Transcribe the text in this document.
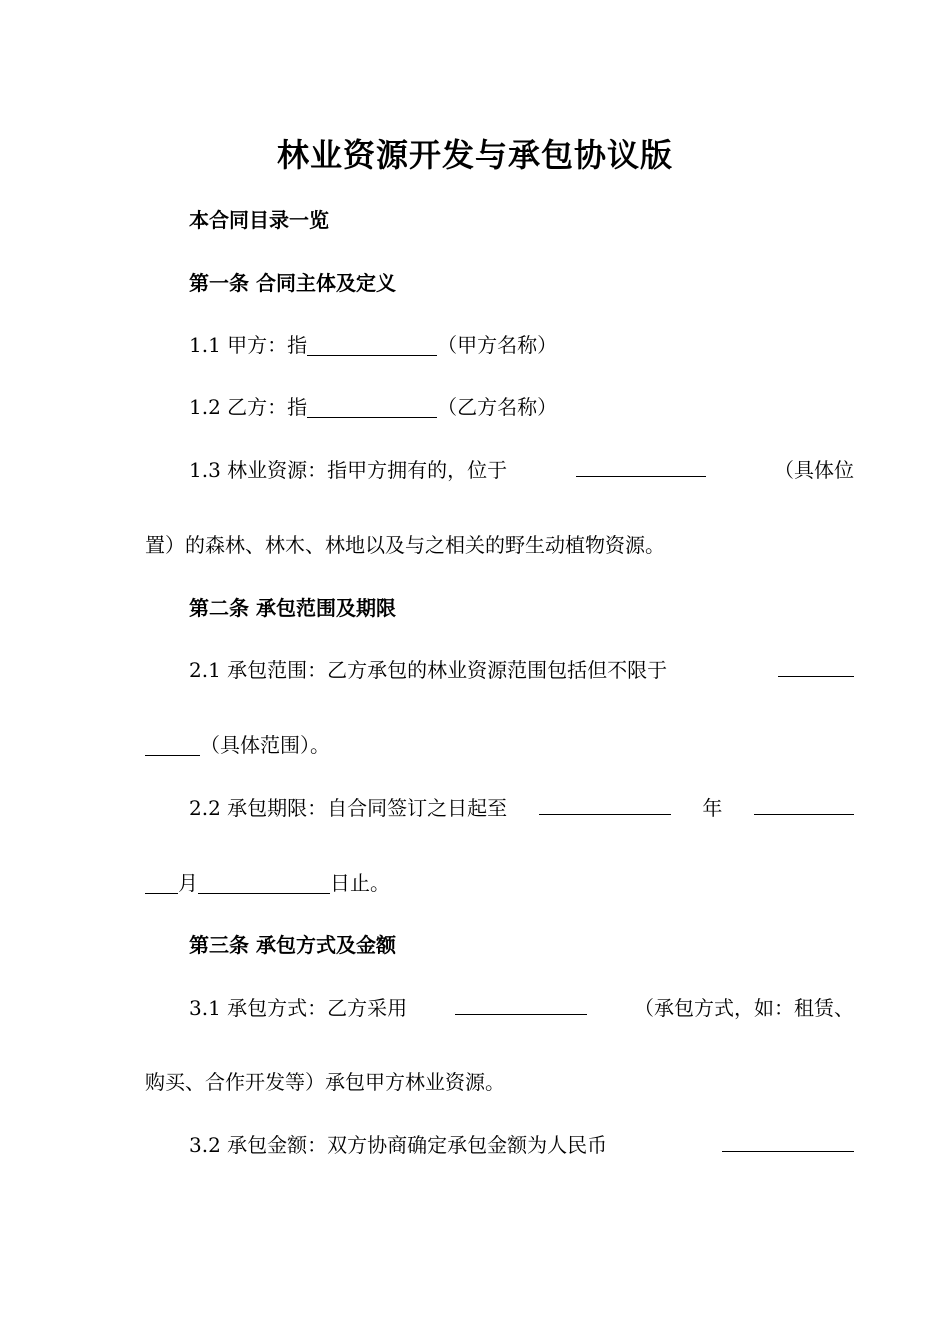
林业资源开发与承包协议版
本合同目录一览
第一条 合同主体及定义
1.1 甲方：指	（甲方名称）
1.2 乙方：指	（乙方名称）
1.3 林业资源：指甲方拥有的，位于	（具体位
置）的森林、林木、林地以及与之相关的野生动植物资源。
第二条 承包范围及期限
2.1 承包范围：乙方承包的林业资源范围包括但不限于
（具体范围）。
2.2 承包期限：自合同签订之日起至	年
月	日止。
第三条 承包方式及金额
3.1 承包方式：乙方采用	（承包方式，如：租赁、
购买、合作开发等）承包甲方林业资源。
3.2 承包金额：双方协商确定承包金额为人民币
